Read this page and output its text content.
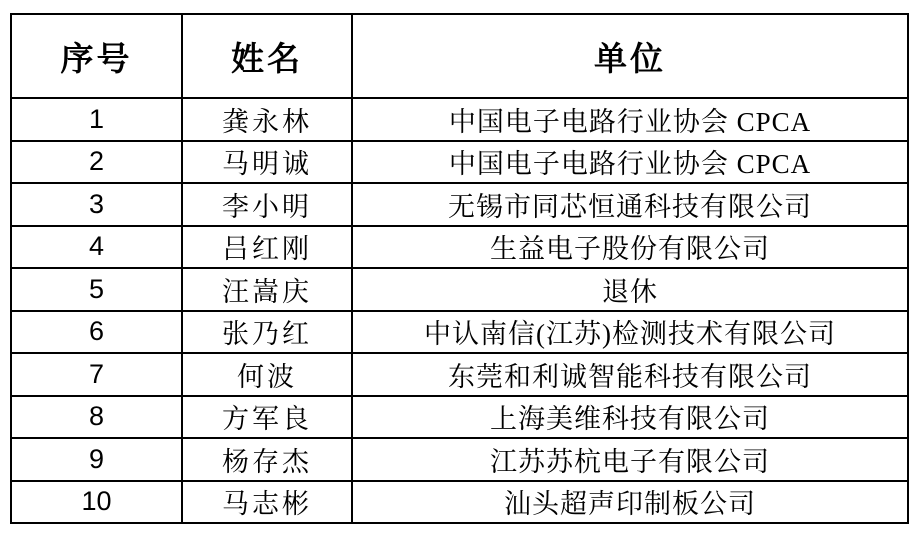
序号	姓名	单位
1	龚永林	中国电子电路行业协会 CPCA
2	马明诚	中国电子电路行业协会 CPCA
3	李小明	无锡市同芯恒通科技有限公司
4	吕红刚	生益电子股份有限公司
5	汪嵩庆	退休
6	张乃红	中认南信(江苏)检测技术有限公司
7	何波	东莞和利诚智能科技有限公司
8	方军良	上海美维科技有限公司
9	杨存杰	江苏苏杭电子有限公司
10	马志彬	汕头超声印制板公司
